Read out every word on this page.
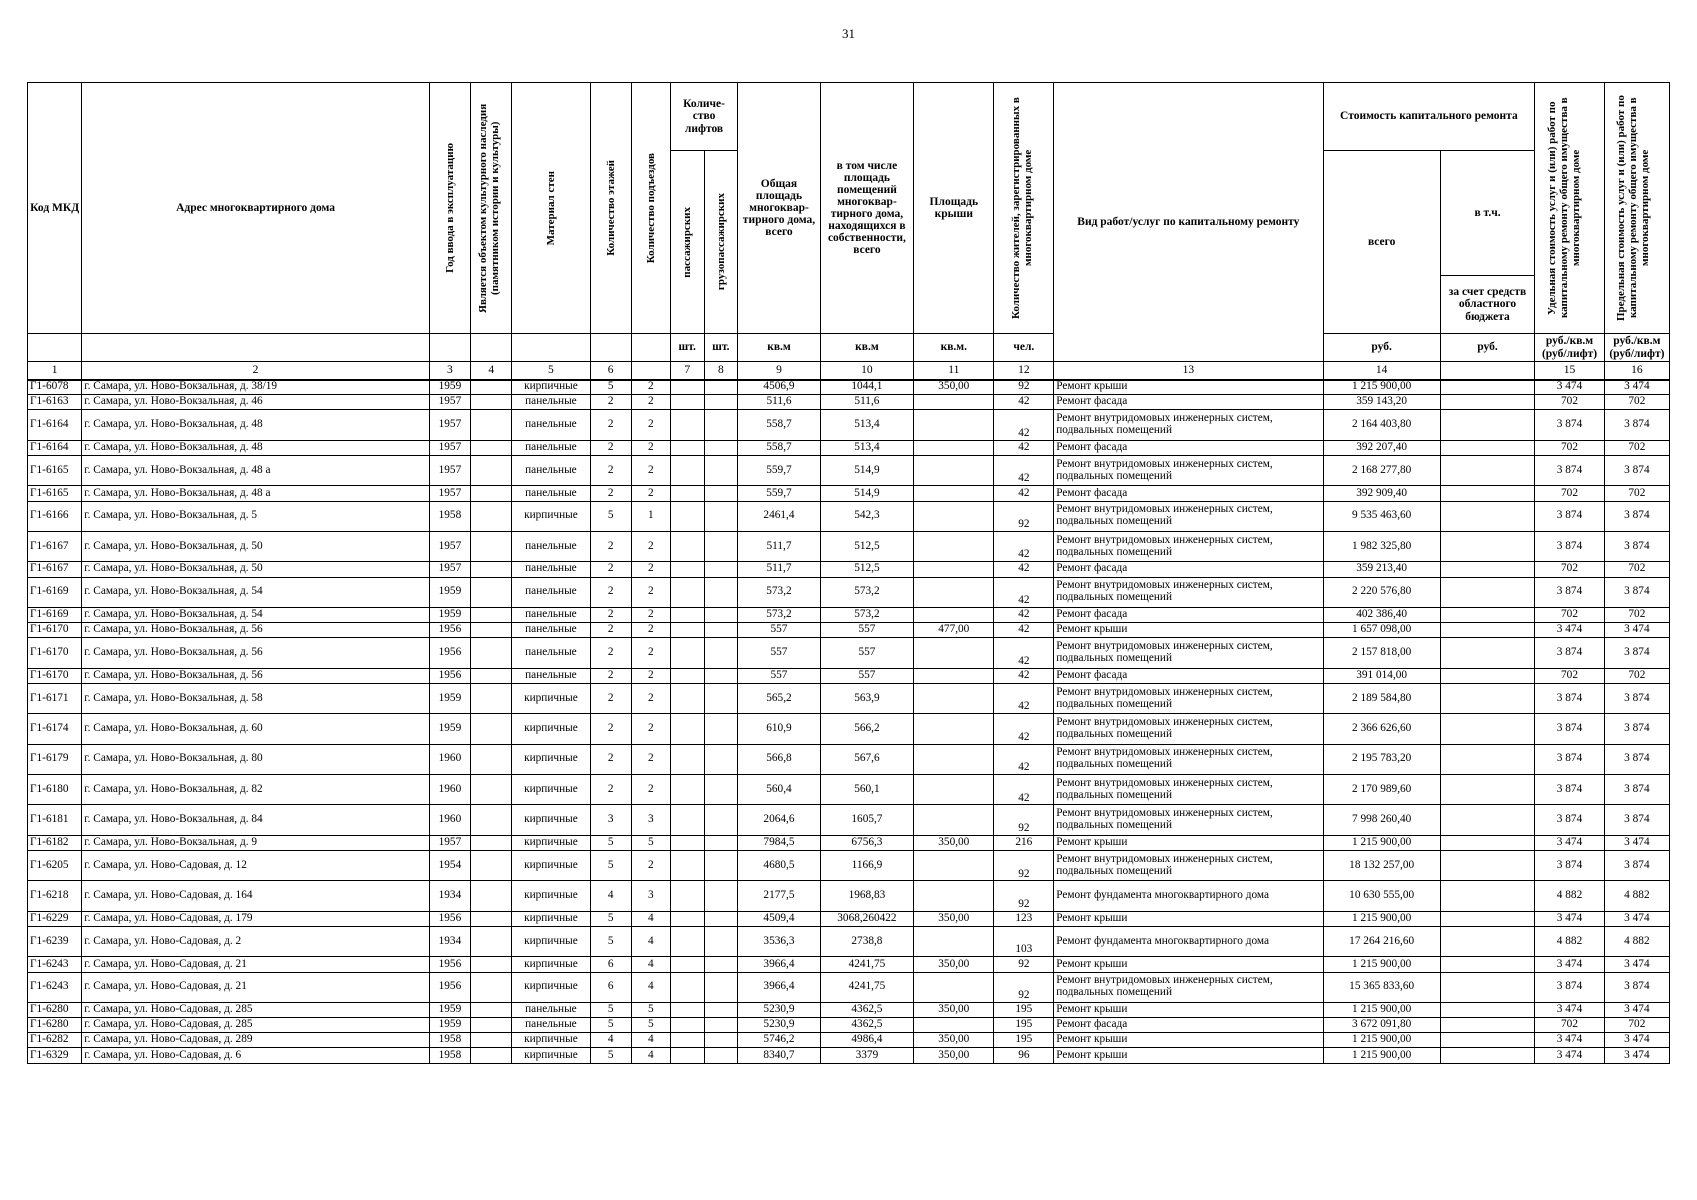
31
Код МКД	Адрес многоквартирного дома	Год ввода в эксплуатацию	Является объектом культурного наследия (памятником истории и культуры)	Материал стен	Количество этажей	Количество подъездов	Количе- ство лифтов		Общая площадь многоквар- тирного дома, всего	в том числе площадь помещений многоквар- тирного дома, находящихся в собственности, всего	Площадь крыши	Количество жителей, зарегистрированных в многоквартирном доме	Вид работ/услуг по капитальному ремонту	Стоимость капитального ремонта		Удельная стоимость услуг и (или) работ по капитальному ремонту общего имущества в многоквартирном доме	Предельная стоимость услуг и (или) работ по капитальному ремонту общего имущества в многоквартирном доме

							пассажирских	грузопассажирских						всего	в т.ч.		
															за счет средств областного бюджета		
							шт.	шт.	кв.м	кв.м	кв.м.	чел.		руб.	руб.	руб./кв.м (руб/лифт)	руб./кв.м (руб/лифт)
1	2	3	4	5	6		7	8	9	10	11	12	13	14		15	16
Г1-6078	г. Самара, ул. Ново-Вокзальная, д. 38/19	1959		кирпичные	5	2			4506,9	1044,1	350,00	92	Ремонт крыши	1 215 900,00		3 474	3 474
Г1-6163	г. Самара, ул. Ново-Вокзальная, д. 46	1957		панельные	2	2			511,6	511,6		42	Ремонт фасада	359 143,20		702	702
Г1-6164	г. Самара, ул. Ново-Вокзальная, д. 48	1957		панельные	2	2			558,7	513,4		42	Ремонт внутридомовых инженерных систем, подвальных помещений	2 164 403,80		3 874	3 874
Г1-6164	г. Самара, ул. Ново-Вокзальная, д. 48	1957		панельные	2	2			558,7	513,4		42	Ремонт фасада	392 207,40		702	702
Г1-6165	г. Самара, ул. Ново-Вокзальная, д. 48 а	1957		панельные	2	2			559,7	514,9		42	Ремонт внутридомовых инженерных систем, подвальных помещений	2 168 277,80		3 874	3 874
Г1-6165	г. Самара, ул. Ново-Вокзальная, д. 48 а	1957		панельные	2	2			559,7	514,9		42	Ремонт фасада	392 909,40		702	702
Г1-6166	г. Самара, ул. Ново-Вокзальная, д. 5	1958		кирпичные	5	1			2461,4	542,3		92	Ремонт внутридомовых инженерных систем, подвальных помещений	9 535 463,60		3 874	3 874
Г1-6167	г. Самара, ул. Ново-Вокзальная, д. 50	1957		панельные	2	2			511,7	512,5		42	Ремонт внутридомовых инженерных систем, подвальных помещений	1 982 325,80		3 874	3 874
Г1-6167	г. Самара, ул. Ново-Вокзальная, д. 50	1957		панельные	2	2			511,7	512,5		42	Ремонт фасада	359 213,40		702	702
Г1-6169	г. Самара, ул. Ново-Вокзальная, д. 54	1959		панельные	2	2			573,2	573,2		42	Ремонт внутридомовых инженерных систем, подвальных помещений	2 220 576,80		3 874	3 874
Г1-6169	г. Самара, ул. Ново-Вокзальная, д. 54	1959		панельные	2	2			573,2	573,2		42	Ремонт фасада	402 386,40		702	702
Г1-6170	г. Самара, ул. Ново-Вокзальная, д. 56	1956		панельные	2	2			557	557	477,00	42	Ремонт крыши	1 657 098,00		3 474	3 474
Г1-6170	г. Самара, ул. Ново-Вокзальная, д. 56	1956		панельные	2	2			557	557		42	Ремонт внутридомовых инженерных систем, подвальных помещений	2 157 818,00		3 874	3 874
Г1-6170	г. Самара, ул. Ново-Вокзальная, д. 56	1956		панельные	2	2			557	557		42	Ремонт фасада	391 014,00		702	702
Г1-6171	г. Самара, ул. Ново-Вокзальная, д. 58	1959		кирпичные	2	2			565,2	563,9		42	Ремонт внутридомовых инженерных систем, подвальных помещений	2 189 584,80		3 874	3 874
Г1-6174	г. Самара, ул. Ново-Вокзальная, д. 60	1959		кирпичные	2	2			610,9	566,2		42	Ремонт внутридомовых инженерных систем, подвальных помещений	2 366 626,60		3 874	3 874
Г1-6179	г. Самара, ул. Ново-Вокзальная, д. 80	1960		кирпичные	2	2			566,8	567,6		42	Ремонт внутридомовых инженерных систем, подвальных помещений	2 195 783,20		3 874	3 874
Г1-6180	г. Самара, ул. Ново-Вокзальная, д. 82	1960		кирпичные	2	2			560,4	560,1		42	Ремонт внутридомовых инженерных систем, подвальных помещений	2 170 989,60		3 874	3 874
Г1-6181	г. Самара, ул. Ново-Вокзальная, д. 84	1960		кирпичные	3	3			2064,6	1605,7		92	Ремонт внутридомовых инженерных систем, подвальных помещений	7 998 260,40		3 874	3 874
Г1-6182	г. Самара, ул. Ново-Вокзальная, д. 9	1957		кирпичные	5	5			7984,5	6756,3	350,00	216	Ремонт крыши	1 215 900,00		3 474	3 474
Г1-6205	г. Самара, ул. Ново-Садовая, д. 12	1954		кирпичные	5	2			4680,5	1166,9		92	Ремонт внутридомовых инженерных систем, подвальных помещений	18 132 257,00		3 874	3 874
Г1-6218	г. Самара, ул. Ново-Садовая, д. 164	1934		кирпичные	4	3			2177,5	1968,83		92	Ремонт фундамента многоквартирного дома	10 630 555,00		4 882	4 882
Г1-6229	г. Самара, ул. Ново-Садовая, д. 179	1956		кирпичные	5	4			4509,4	3068,260422	350,00	123	Ремонт крыши	1 215 900,00		3 474	3 474
Г1-6239	г. Самара, ул. Ново-Садовая, д. 2	1934		кирпичные	5	4			3536,3	2738,8		103	Ремонт фундамента многоквартирного дома	17 264 216,60		4 882	4 882
Г1-6243	г. Самара, ул. Ново-Садовая, д. 21	1956		кирпичные	6	4			3966,4	4241,75	350,00	92	Ремонт крыши	1 215 900,00		3 474	3 474
Г1-6243	г. Самара, ул. Ново-Садовая, д. 21	1956		кирпичные	6	4			3966,4	4241,75		92	Ремонт внутридомовых инженерных систем, подвальных помещений	15 365 833,60		3 874	3 874
Г1-6280	г. Самара, ул. Ново-Садовая, д. 285	1959		панельные	5	5			5230,9	4362,5	350,00	195	Ремонт крыши	1 215 900,00		3 474	3 474
Г1-6280	г. Самара, ул. Ново-Садовая, д. 285	1959		панельные	5	5			5230,9	4362,5		195	Ремонт фасада	3 672 091,80		702	702
Г1-6282	г. Самара, ул. Ново-Садовая, д. 289	1958		кирпичные	4	4			5746,2	4986,4	350,00	195	Ремонт крыши	1 215 900,00		3 474	3 474
Г1-6329	г. Самара, ул. Ново-Садовая, д. 6	1958		кирпичные	5	4			8340,7	3379	350,00	96	Ремонт крыши	1 215 900,00		3 474	3 474
